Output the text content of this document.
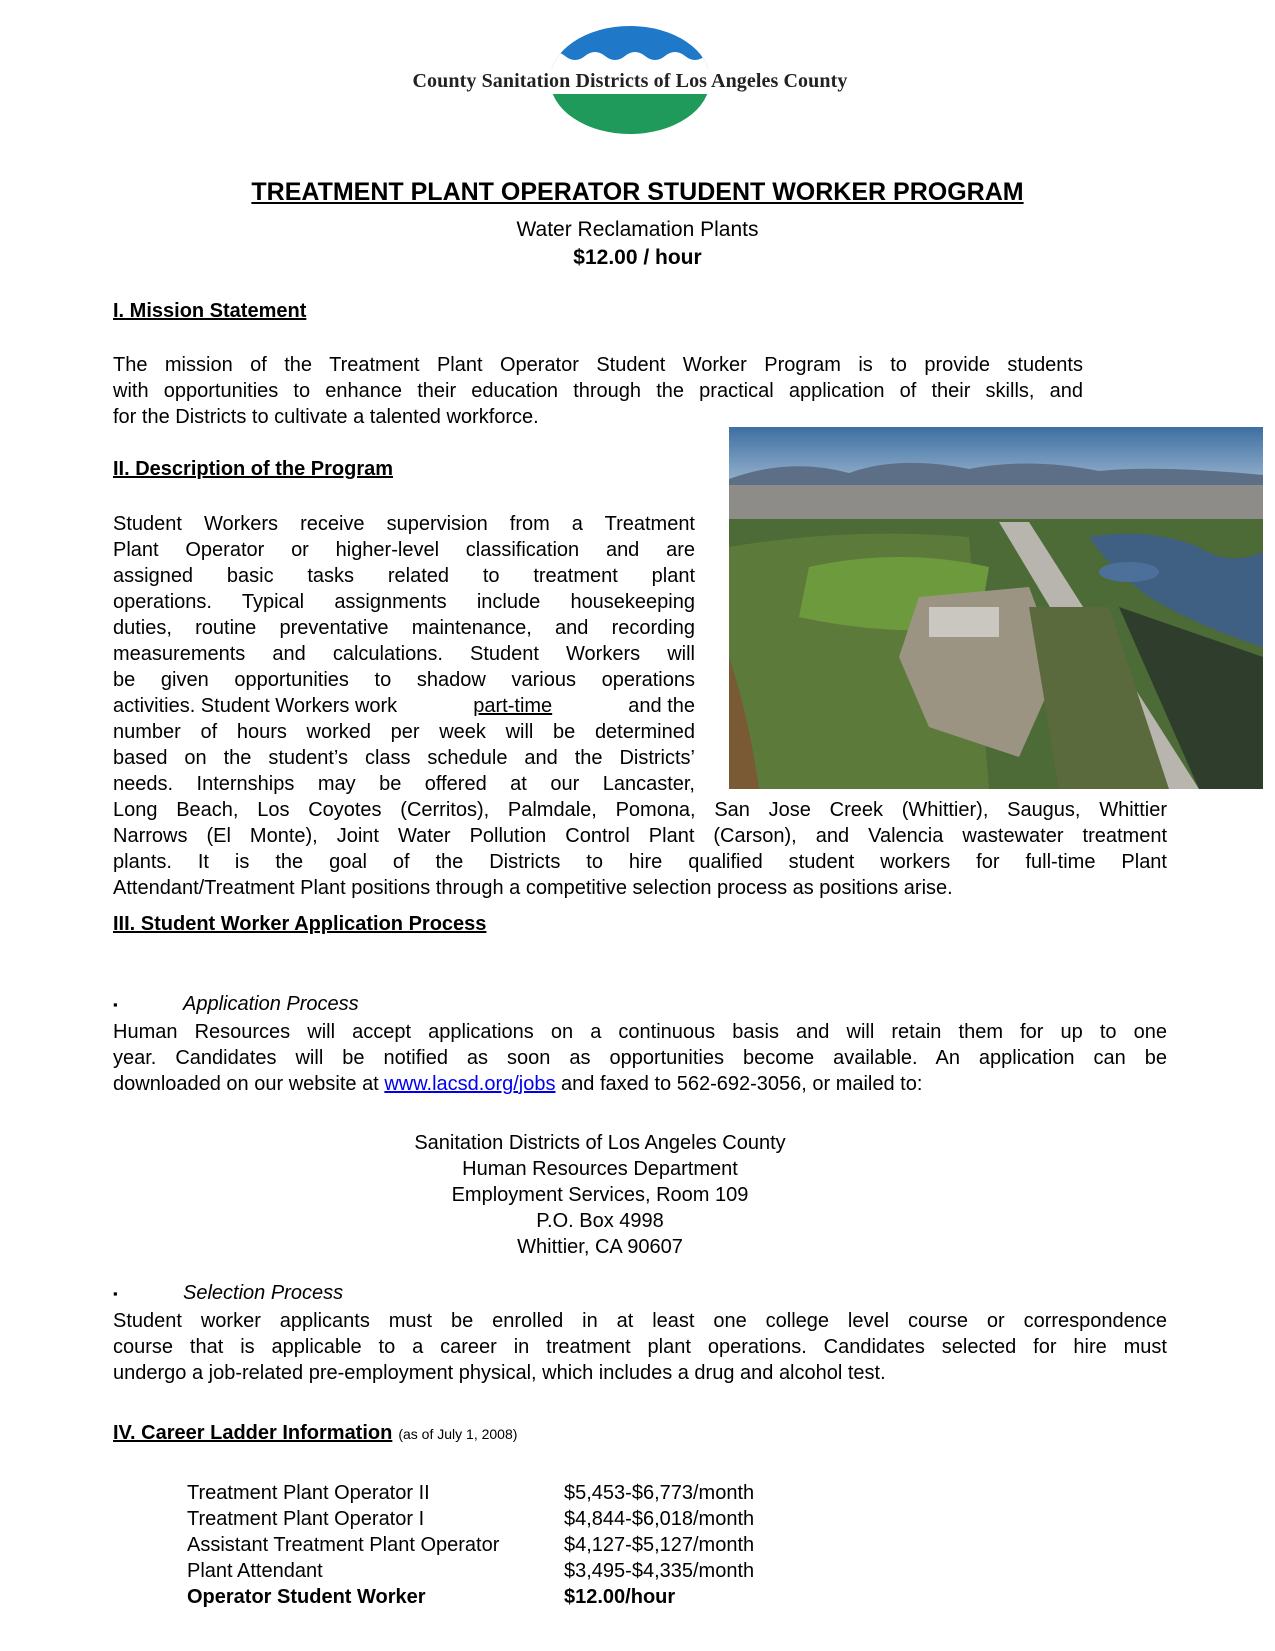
County Sanitation Districts of Los Angeles County
TREATMENT PLANT OPERATOR STUDENT WORKER PROGRAM
Water Reclamation Plants
$12.00 / hour
I. Mission Statement
The mission of the Treatment Plant Operator Student Worker Program is to provide students
with opportunities to enhance their education through the practical application of their skills, and
for the Districts to cultivate a talented workforce.
II. Description of the Program
Student Workers receive supervision from a Treatment
Plant Operator or higher-level classification and are
assigned basic tasks related to treatment plant
operations. Typical assignments include housekeeping
duties, routine preventative maintenance, and recording
measurements and calculations. Student Workers will
be given opportunities to shadow various operations
activities. Student Workers work	part-time	and the
number of hours worked per week will be determined
based on the student’s class schedule and the Districts’
needs. Internships may be offered at our Lancaster,
Long Beach, Los Coyotes (Cerritos), Palmdale, Pomona, San Jose Creek (Whittier), Saugus, Whittier
Narrows (El Monte), Joint Water Pollution Control Plant (Carson), and Valencia wastewater treatment
plants. It is the goal of the Districts to hire qualified student workers for full-time Plant
Attendant/Treatment Plant positions through a competitive selection process as positions arise.
III. Student Worker Application Process
▪	Application Process
Human Resources will accept applications on a continuous basis and will retain them for up to one
year. Candidates will be notified as soon as opportunities become available. An application can be
downloaded on our website at www.lacsd.org/jobs and faxed to 562-692-3056, or mailed to:
Sanitation Districts of Los Angeles County
Human Resources Department
Employment Services, Room 109
P.O. Box 4998
Whittier, CA 90607
▪	Selection Process
Student worker applicants must be enrolled in at least one college level course or correspondence
course that is applicable to a career in treatment plant operations. Candidates selected for hire must
undergo a job-related pre-employment physical, which includes a drug and alcohol test.
IV. Career Ladder Information (as of July 1, 2008)
Treatment Plant Operator II	$5,453-$6,773/month
Treatment Plant Operator I	$4,844-$6,018/month
Assistant Treatment Plant Operator	$4,127-$5,127/month
Plant Attendant	$3,495-$4,335/month
Operator Student Worker	$12.00/hour
